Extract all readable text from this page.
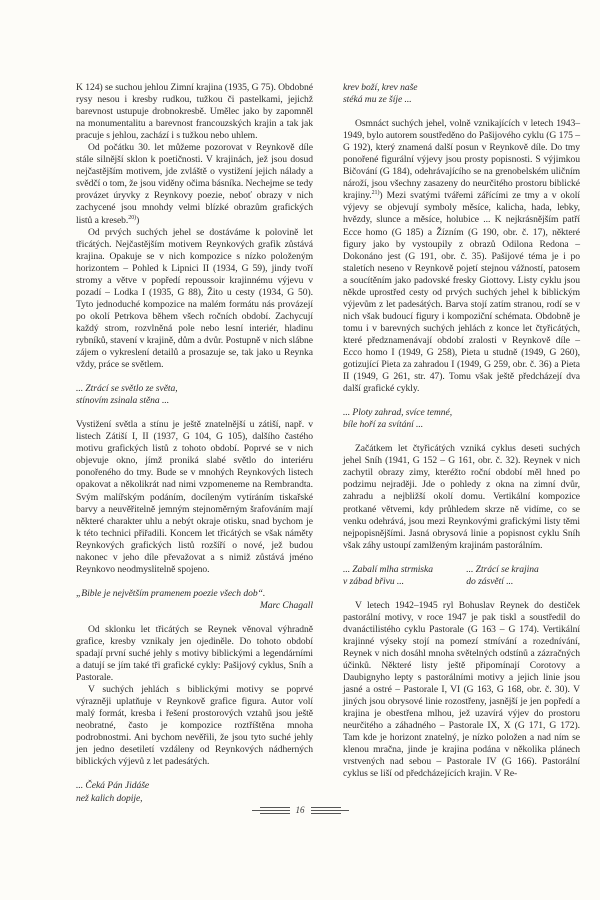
K 124) se suchou jehlou Zimní krajina (1935, G 75). Obdobné rysy nesou i kresby rudkou, tužkou či pastelkami, jejichž barevnost ustupuje drobnokresbě. Umělec jako by zapomněl na monumentalitu a barevnost francouzských krajin a tak jak pracuje s jehlou, zachází i s tužkou nebo uhlem.

Od počátku 30. let můžeme pozorovat v Reynkově díle stále silnější sklon k poetičnosti. V krajinách, jež jsou dosud nejčastějším motivem, jde zvláště o vystižení jejich nálady a svědčí o tom, že jsou viděny očima básníka. Nechejme se tedy provázet úryvky z Reynkovy poezie, neboť obrazy v nich zachycené jsou mnohdy velmi blízké obrazům grafických listů a kreseb.$^{20)}$)

Od prvých suchých jehel se dostáváme k polovině let třicátých. Nejčastějším motivem Reynkových grafik zůstává krajina. Opakuje se v nich kompozice s nízko položeným horizontem – Pohled k Lipnici II (1934, G 59), jindy tvoří stromy a větve v popředí repoussoir krajinnému výjevu v pozadí – Lodka I (1935, G 88), Žito u cesty (1934, G 50). Tyto jednoduché kompozice na malém formátu nás provázejí po okolí Petrkova během všech ročních období. Zachycují každý strom, rozvlněná pole nebo lesní interiér, hladinu rybníků, stavení v krajině, dům a dvůr. Postupně v nich slábne zájem o vykreslení detailů a prosazuje se, tak jako u Reynka vždy, práce se světlem.

... Ztrácí se světlo ze světa,
stínovím zsinala stěna ...

Vystižení světla a stínu je ještě znatelnější u zátiší, např. v listech Zátiší I, II (1937, G 104, G 105), dalšího častého motivu grafických listů z tohoto období. Poprvé se v nich objevuje okno, jímž proniká slabé světlo do interiéru ponořeného do tmy. Bude se v mnohých Reynkových listech opakovat a několikrát nad nimi vzpomeneme na Rembrandta. Svým malířským podáním, docíleným vytíráním tiskařské barvy a neuvěřitelně jemným stejnoměrným šrafováním mají některé charakter uhlu a nebýt okraje otisku, snad bychom je k této technici přiřadili. Koncem let třicátých se však náměty Reynkových grafických listů rozšíří o nové, jež budou nakonec v jeho díle převažovat a s nimiž zůstává jméno Reynkovo neodmyslitelně spojeno.

„Bible je největším pramenem poezie všech dob“.
Marc Chagall

Od sklonku let třicátých se Reynek věnoval výhradně grafice, kresby vznikaly jen ojediněle. Do tohoto období spadají první suché jehly s motivy biblickými a legendárními a datují se jím také tři grafické cykly: Pašijový cyklus, Sníh a Pastorale.

V suchých jehlách s biblickými motivy se poprvé výrazněji uplatňuje v Reynkově grafice figura. Autor volí malý formát, kresba i řešení prostorových vztahů jsou ještě neobratné, často je kompozice roztříštěna mnoha podrobnostmi. Ani bychom nevěřili, že jsou tyto suché jehly jen jedno desetiletí vzdáleny od Reynkových nádherných biblických výjevů z let padesátých.

... Čeká Pán Jidáše
než kalich dopije,
krev boží, krev naše
stéká mu ze šíje ...

Osmnáct suchých jehel, volně vznikajících v letech 1943–1949, bylo autorem soustředěno do Pašijového cyklu (G 175 – G 192), který znamená další posun v Reynkově díle. Do tmy ponořené figurální výjevy jsou prosty popisnosti. S výjimkou Bičování (G 184), odehrávajícího se na grenobelském uličním nároží, jsou všechny zasazeny do neurčitého prostoru biblické krajiny.$^{21)}$) Mezi svatými tvářemi zářícími ze tmy a v okolí výjevy se objevují symboly měsíce, kalicha, hada, lebky, hvězdy, slunce a měsíce, holubice ... K nejkrásnějším patří Ecce homo (G 185) a Žízním (G 190, obr. č. 17), některé figury jako by vystoupily z obrazů Odilona Redona – Dokonáno jest (G 191, obr. č. 35). Pašijové téma je i po staletích nesenо v Reynkově pojetí stejnou vážností, patosem a soucítěním jako padovské fresky Giottovy. Listy cyklu jsou někde uprostřed cesty od prvých suchých jehel k biblickým výjevům z let padesátých. Barva stojí zatím stranou, rodí se v nich však budoucí figury i kompoziční schémata. Obdobně je tomu i v barevných suchých jehlách z konce let čtyřicátých, které předznamenávají období zralosti v Reynkově díle – Ecco homo I (1949, G 258), Pieta u studně (1949, G 260), gotizující Pieta za zahradou I (1949, G 259, obr. č. 36) a Pieta II (1949, G 261, str. 47). Tomu však ještě předcházejí dva další grafické cykly.

... Ploty zahrad, svíce temné,
bíle hoří za svítání ...

Začátkem let čtyřicátých vzniká cyklus deseti suchých jehel Sníh (1941, G 152 – G 161, obr. č. 32). Reynek v nich zachytil obrazy zimy, kteréžto roční období měl hned po podzimu nejraději. Jde o pohledy z okna na zimní dvůr, zahradu a nejbližší okolí domu. Vertikální kompozice protkané větvemi, kdy průhledem skrze ně vidíme, co se venku odehrává, jsou mezi Reynkovými grafickými listy těmi nejpopisnějšími. Jasná obrysová linie a popisnost cyklu Sníh však záhy ustoupí zamlženým krajinám pastorálním.

... Zabalí mlha strmiska
v zábad břivu ...
... Ztrácí se krajina
do zásvětí ...

V letech 1942–1945 ryl Bohuslav Reynek do destiček pastorální motivy, v roce 1947 je pak tiskl a soustředil do dvanáctilistého cyklu Pastorale (G 163 – G 174). Vertikální krajinné výseky stojí na pomezí stmívání a rozednívání, Reynek v nich dosáhl mnoha světelných odstínů a zázračných účinků. Některé listy ještě připomínají Corotovy a Daubignyho lepty s pastorálními motivy a jejich linie jsou jasné a ostré – Pastorale I, VI (G 163, G 168, obr. č. 30). V jiných jsou obrysové linie rozostřeny, jasnější je jen popředí a krajina je obestřena mlhou, jež uzavírá výjev do prostoru neurčitého a záhadného – Pastorale IX, X (G 171, G 172). Tam kde je horizont znatelný, je nízko položen a nad ním se klenou mračna, jinde je krajina podána v několika plánech vrstvených nad sebou – Pastorale IV (G 166). Pastorální cyklus se liší od předcházejících krajin. V Re-

16
